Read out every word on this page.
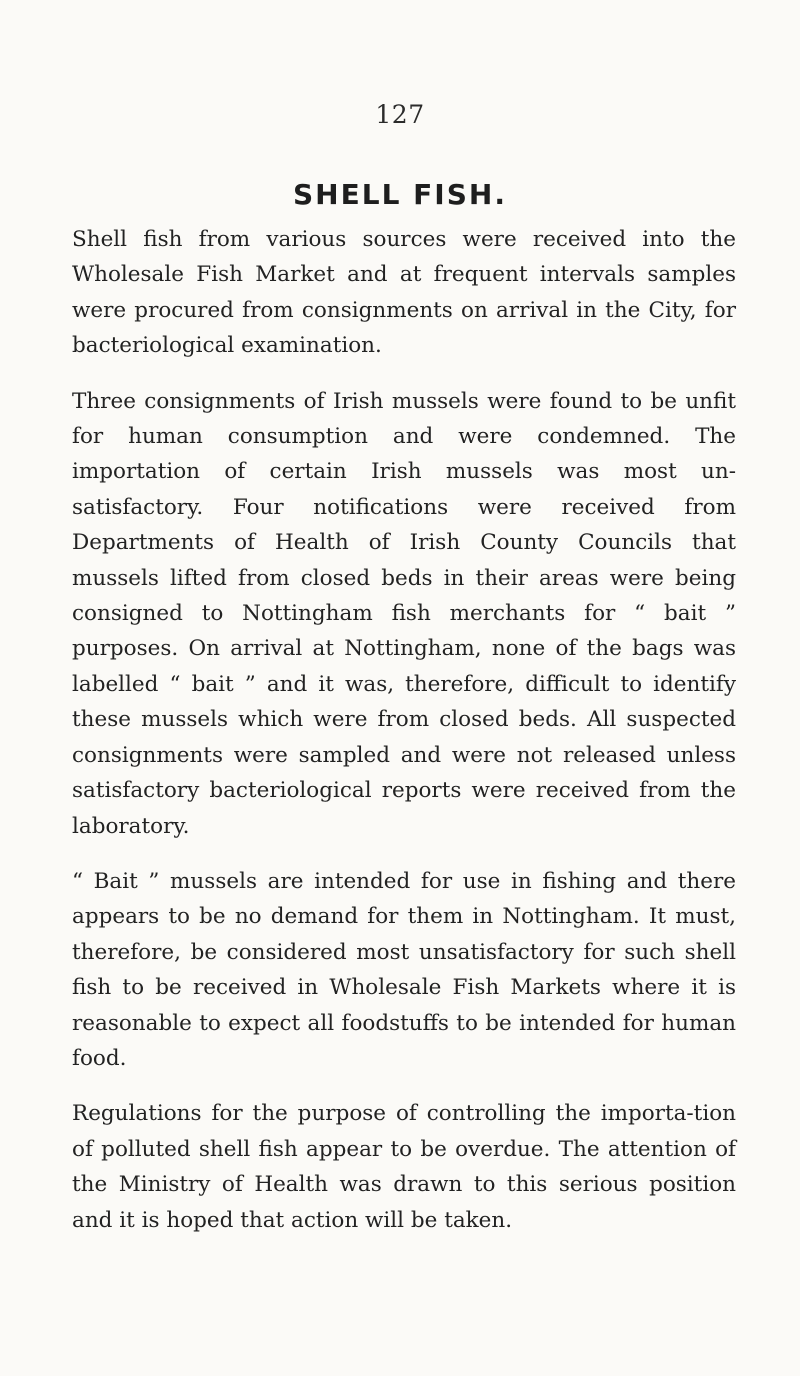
127
SHELL FISH.

Shell fish from various sources were received into the Wholesale Fish Market and at frequent intervals samples were procured from consignments on arrival in the City, for bacteriological examination.

Three consignments of Irish mussels were found to be unfit for human consumption and were condemned. The importation of certain Irish mussels was most un-satisfactory. Four notifications were received from Departments of Health of Irish County Councils that mussels lifted from closed beds in their areas were being consigned to Nottingham fish merchants for “ bait ” purposes. On arrival at Nottingham, none of the bags was labelled “ bait ” and it was, therefore, difficult to identify these mussels which were from closed beds. All suspected consignments were sampled and were not released unless satisfactory bacteriological reports were received from the laboratory.

“ Bait ” mussels are intended for use in fishing and there appears to be no demand for them in Nottingham. It must, therefore, be considered most unsatisfactory for such shell fish to be received in Wholesale Fish Markets where it is reasonable to expect all foodstuffs to be intended for human food.

Regulations for the purpose of controlling the importa-tion of polluted shell fish appear to be overdue. The attention of the Ministry of Health was drawn to this serious position and it is hoped that action will be taken.
